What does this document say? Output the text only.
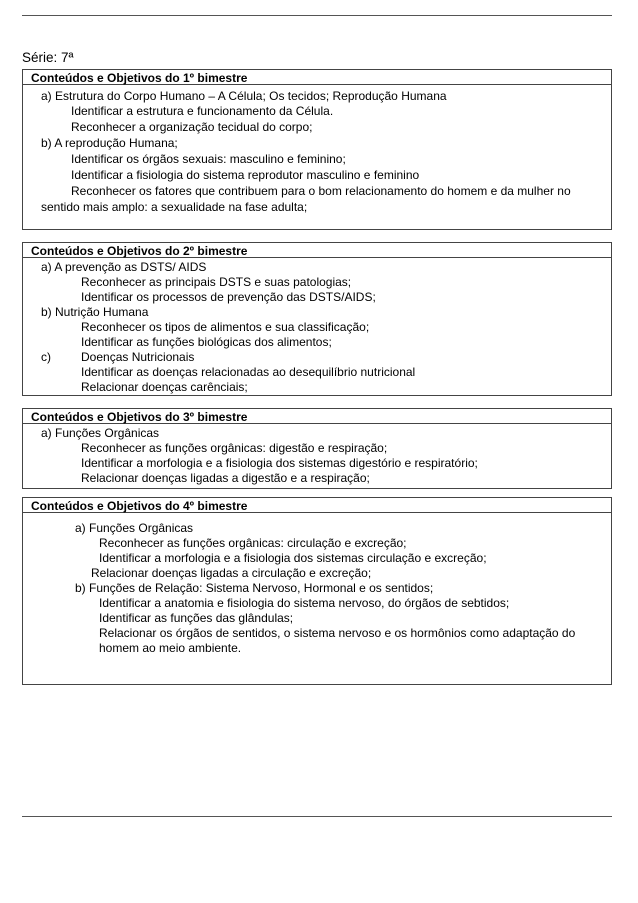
Série: 7ª
Conteúdos e Objetivos do 1º bimestre
a) Estrutura do Corpo Humano – A Célula; Os tecidos; Reprodução Humana
Identificar a estrutura e funcionamento da Célula.
Reconhecer a organização tecidual do corpo;
b) A reprodução Humana;
Identificar os órgãos sexuais: masculino e feminino;
Identificar a fisiologia do sistema reprodutor masculino e feminino
Reconhecer os fatores que contribuem para o bom relacionamento do homem e da mulher no
sentido mais amplo: a sexualidade na fase adulta;
Conteúdos e Objetivos do 2º bimestre
a) A prevenção as DSTS/ AIDS
Reconhecer as principais DSTS e suas patologias;
Identificar os processos de prevenção das DSTS/AIDS;
b) Nutrição Humana
Reconhecer os tipos de alimentos e sua classificação;
Identificar as funções biológicas dos alimentos;
c)	Doenças Nutricionais
Identificar as doenças relacionadas ao desequilíbrio nutricional
Relacionar doenças carênciais;
Conteúdos e Objetivos do 3º bimestre
a) Funções Orgânicas
Reconhecer as funções orgânicas: digestão e respiração;
Identificar a morfologia e a fisiologia dos sistemas digestório e respiratório;
Relacionar doenças ligadas a digestão e a respiração;
Conteúdos e Objetivos do 4º bimestre
a) Funções Orgânicas
Reconhecer as funções orgânicas: circulação e excreção;
Identificar a morfologia e a fisiologia dos sistemas circulação e excreção;
Relacionar doenças ligadas a circulação e excreção;
b) Funções de Relação: Sistema Nervoso, Hormonal e os sentidos;
Identificar a anatomia e fisiologia do sistema nervoso, do órgãos de sebtidos;
Identificar as funções das glândulas;
Relacionar os órgãos de sentidos, o sistema nervoso e os hormônios como adaptação do
homem ao meio ambiente.
